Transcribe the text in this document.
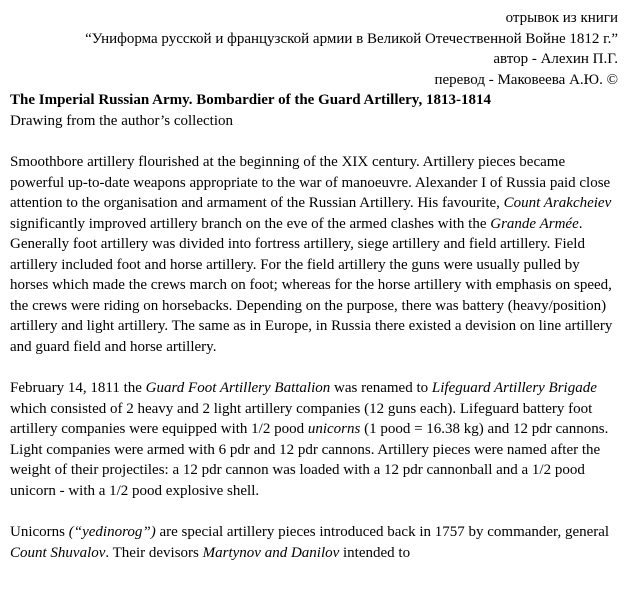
отрывок из книги
“Униформа русской и французской армии в Великой Отечественной Войне 1812 г.”
автор - Алехин П.Г.
перевод - Маковеева А.Ю. ©
The Imperial Russian Army. Bombardier of the Guard Artillery, 1813-1814
Drawing from the author’s collection

Smoothbore artillery flourished at the beginning of the XIX century. Artillery pieces became powerful up-to-date weapons appropriate to the war of manoeuvre. Alexander I of Russia paid close attention to the organisation and armament of the Russian Artillery. His favourite, Count Arakcheiev significantly improved artillery branch on the eve of the armed clashes with the Grande Armée. Generally foot artillery was divided into fortress artillery, siege artillery and field artillery. Field artillery included foot and horse artillery. For the field artillery the guns were usually pulled by horses which made the crews march on foot; whereas for the horse artillery with emphasis on speed, the crews were riding on horsebacks. Depending on the purpose, there was battery (heavy/position) artillery and light artillery. The same as in Europe, in Russia there existed a devision on line artillery and guard field and horse artillery.

February 14, 1811 the Guard Foot Artillery Battalion was renamed to Lifeguard Artillery Brigade which consisted of 2 heavy and 2 light artillery companies (12 guns each). Lifeguard battery foot artillery companies were equipped with 1/2 pood unicorns (1 pood = 16.38 kg) and 12 pdr cannons. Light companies were armed with 6 pdr and 12 pdr cannons. Artillery pieces were named after the weight of their projectiles: a 12 pdr cannon was loaded with a 12 pdr cannonball and a 1/2 pood unicorn - with a 1/2 pood explosive shell.

Unicorns (“yedinorog”) are special artillery pieces introduced back in 1757 by commander, general Count Shuvalov. Their devisors Martynov and Danilov intended to
